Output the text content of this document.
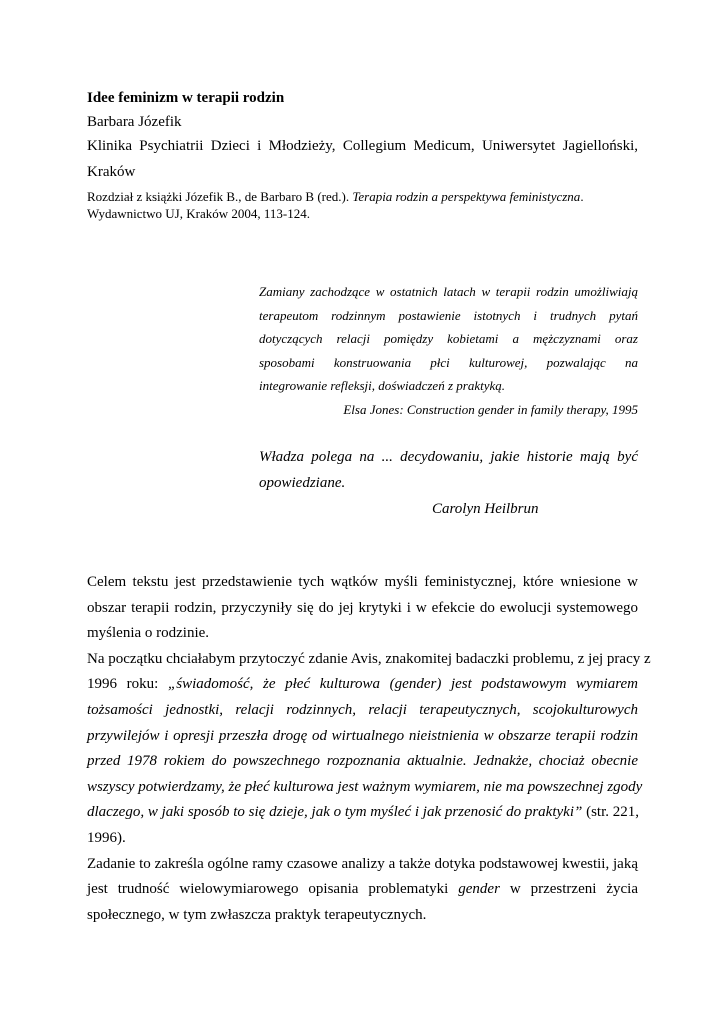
Idee feminizm w terapii rodzin

Barbara Józefik

Klinika Psychiatrii Dzieci i Młodzieży, Collegium Medicum, Uniwersytet Jagielloński,

Kraków

Rozdział z książki Józefik B., de Barbaro B (red.). Terapia rodzin a perspektywa feministyczna.
Wydawnictwo UJ, Kraków 2004, 113-124.

Zamiany zachodzące w ostatnich latach w terapii rodzin umożliwiają

terapeutom rodzinnym postawienie istotnych i trudnych pytań

dotyczących relacji pomiędzy kobietami a mężczyznami oraz

sposobami konstruowania płci kulturowej, pozwalając na

integrowanie refleksji, doświadczeń z praktyką.

Elsa Jones: Construction gender in family therapy, 1995

Władza polega na ... decydowaniu, jakie historie mają być

opowiedziane.

Carolyn Heilbrun

Celem tekstu jest przedstawienie tych wątków myśli feministycznej, które wniesione w

obszar terapii rodzin, przyczyniły się do jej krytyki i w efekcie do ewolucji systemowego

myślenia o rodzinie.

Na początku chciałabym przytoczyć zdanie Avis, znakomitej badaczki problemu, z jej pracy z

1996 roku: „świadomość, że płeć kulturowa (gender) jest podstawowym wymiarem

tożsamości jednostki, relacji rodzinnych, relacji terapeutycznych, scojokulturowych

przywilejów i opresji przeszła drogę od wirtualnego nieistnienia w obszarze terapii rodzin

przed 1978 rokiem do powszechnego rozpoznania aktualnie. Jednakże, chociaż obecnie

wszyscy potwierdzamy, że płeć kulturowa jest ważnym wymiarem, nie ma powszechnej zgody

dlaczego, w jaki sposób to się dzieje, jak o tym myśleć i jak przenosić do praktyki” (str. 221,

1996).

Zadanie to zakreśla ogólne ramy czasowe analizy a także dotyka podstawowej kwestii, jaką

jest trudność wielowymiarowego opisania problematyki gender w przestrzeni życia

społecznego, w tym zwłaszcza praktyk terapeutycznych.
